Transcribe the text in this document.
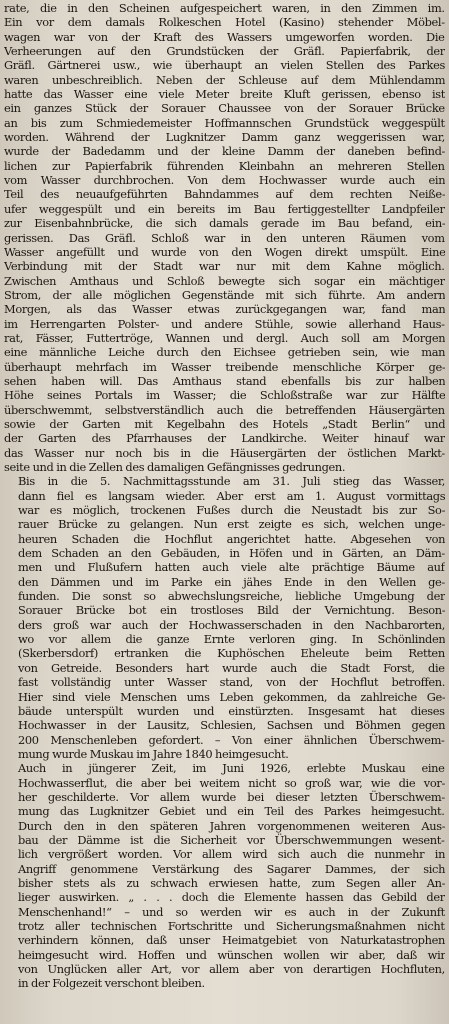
rate, die in den Scheinen aufgespeichert waren, in den Zimmen im.
Ein vor dem damals Rolkeschen Hotel (Kasino) stehender Möbel-
wagen war von der Kraft des Wassers umgeworfen worden. Die
Verheerungen auf den Grundstücken der Gräfl. Papierfabrik, der
Gräfl. Gärtnerei usw., wie überhaupt an vielen Stellen des Parkes
waren unbeschreiblich. Neben der Schleuse auf dem Mühlendamm
hatte das Wasser eine viele Meter breite Kluft gerissen, ebenso ist
ein ganzes Stück der Sorauer Chaussee von der Sorauer Brücke
an bis zum Schmiedemeister Hoffmannschen Grundstück weggespült
worden. Während der Lugknitzer Damm ganz weggerissen war,
wurde der Badedamm und der kleine Damm der daneben befind-
lichen zur Papierfabrik führenden Kleinbahn an mehreren Stellen
vom Wasser durchbrochen. Von dem Hochwasser wurde auch ein
Teil des neuaufgeführten Bahndammes auf dem rechten Neiße-
ufer weggespült und ein bereits im Bau fertiggestellter Landpfeiler
zur Eisenbahnbrücke, die sich damals gerade im Bau befand, ein-
gerissen. Das Gräfl. Schloß war in den unteren Räumen vom
Wasser angefüllt und wurde von den Wogen direkt umspült. Eine
Verbindung mit der Stadt war nur mit dem Kahne möglich.
Zwischen Amthaus und Schloß bewegte sich sogar ein mächtiger
Strom, der alle möglichen Gegenstände mit sich führte. Am andern
Morgen, als das Wasser etwas zurückgegangen war, fand man
im Herrengarten Polster- und andere Stühle, sowie allerhand Haus-
rat, Fässer, Futtertröge, Wannen und dergl. Auch soll am Morgen
eine männliche Leiche durch den Eichsee getrieben sein, wie man
überhaupt mehrfach im Wasser treibende menschliche Körper ge-
sehen haben will. Das Amthaus stand ebenfalls bis zur halben
Höhe seines Portals im Wasser; die Schloßstraße war zur Hälfte
überschwemmt, selbstverständlich auch die betreffenden Häusergärten
sowie der Garten mit Kegelbahn des Hotels „Stadt Berlin“ und
der Garten des Pfarrhauses der Landkirche. Weiter hinauf war
das Wasser nur noch bis in die Häusergärten der östlichen Markt-
seite und in die Zellen des damaligen Gefängnisses gedrungen.

Bis in die 5. Nachmittagsstunde am 31. Juli stieg das Wasser,
dann fiel es langsam wieder. Aber erst am 1. August vormittags
war es möglich, trockenen Fußes durch die Neustadt bis zur So-
rauer Brücke zu gelangen. Nun erst zeigte es sich, welchen unge-
heuren Schaden die Hochflut angerichtet hatte. Abgesehen von
dem Schaden an den Gebäuden, in Höfen und in Gärten, an Däm-
men und Flußufern hatten auch viele alte prächtige Bäume auf
den Dämmen und im Parke ein jähes Ende in den Wellen ge-
funden. Die sonst so abwechslungsreiche, liebliche Umgebung der
Sorauer Brücke bot ein trostloses Bild der Vernichtung. Beson-
ders groß war auch der Hochwasserschaden in den Nachbarorten,
wo vor allem die ganze Ernte verloren ging. In Schönlinden
(Skerbersdorf) ertranken die Kuphöschen Eheleute beim Retten
von Getreide. Besonders hart wurde auch die Stadt Forst, die
fast vollständig unter Wasser stand, von der Hochflut betroffen.
Hier sind viele Menschen ums Leben gekommen, da zahlreiche Ge-
bäude unterspült wurden und einstürzten. Insgesamt hat dieses
Hochwasser in der Lausitz, Schlesien, Sachsen und Böhmen gegen
200 Menschenleben gefordert. – Von einer ähnlichen Überschwem-
mung wurde Muskau im Jahre 1840 heimgesucht.

Auch in jüngerer Zeit, im Juni 1926, erlebte Muskau eine
Hochwasserflut, die aber bei weitem nicht so groß war, wie die vor-
her geschilderte. Vor allem wurde bei dieser letzten Überschwem-
mung das Lugknitzer Gebiet und ein Teil des Parkes heimgesucht.
Durch den in den späteren Jahren vorgenommenen weiteren Aus-
bau der Dämme ist die Sicherheit vor Überschwemmungen wesent-
lich vergrößert worden. Vor allem wird sich auch die nunmehr in
Angriff genommene Verstärkung des Sagarer Dammes, der sich
bisher stets als zu schwach erwiesen hatte, zum Segen aller An-
lieger auswirken. „ . . . doch die Elemente hassen das Gebild der
Menschenhand!“ – und so werden wir es auch in der Zukunft
trotz aller technischen Fortschritte und Sicherungsmaßnahmen nicht
verhindern können, daß unser Heimatgebiet von Naturkatastrophen
heimgesucht wird. Hoffen und wünschen wollen wir aber, daß wir
von Unglücken aller Art, vor allem aber von derartigen Hochfluten,
in der Folgezeit verschont bleiben.
